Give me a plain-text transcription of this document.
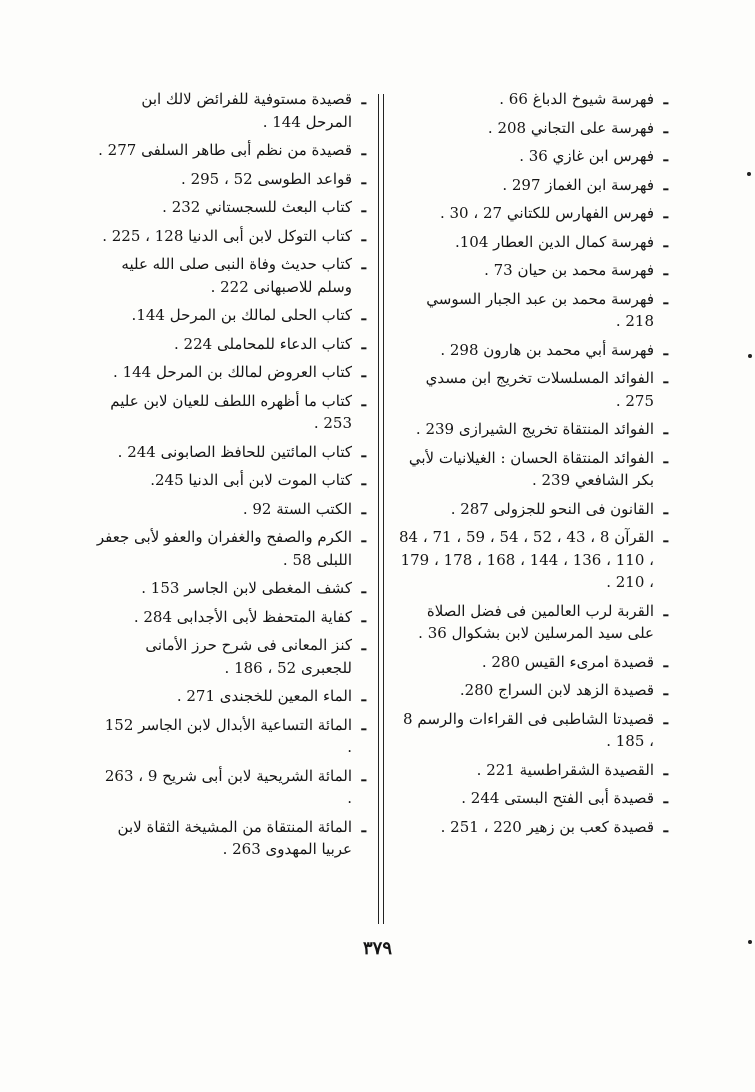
ـ
قصيدة مستوفية للفرائض لالك ابن المرحل 144 .
ـ
قصيدة من نظم أبى طاهر السلفى 277 .
ـ
قواعد الطوسى 52 ، 295 .
ـ
كتاب البعث للسجستاني 232 .
ـ
كتاب التوكل لابن أبى الدنيا 128 ، 225 .
ـ
كتاب حديث وفاة النبى صلى الله عليه وسلم للاصبهانى 222 .
ـ
كتاب الحلى لمالك بن المرحل 144.
ـ
كتاب الدعاء للمحاملى 224 .
ـ
كتاب العروض لمالك بن المرحل 144 .
ـ
كتاب ما أظهره اللطف للعيان لابن عليم 253 .
ـ
كتاب المائتين للحافظ الصابونى 244 .
ـ
كتاب الموت لابن أبى الدنيا 245.
ـ
الكتب الستة 92 .
ـ
الكرم والصفح والغفران والعفو لأبى جعفر اللبلى 58 .
ـ
كشف المغطى لابن الجاسر 153 .
ـ
كفاية المتحفظ لأبى الأجدابى 284 .
ـ
كنز المعانى فى شرح حرز الأمانى للجعبرى 52 ، 186 .
ـ
الماء المعين للخجندى 271 .
ـ
المائة التساعية الأبدال لابن الجاسر 152 .
ـ
المائة الشريحية لابن أبى شريح 9 ، 263 .
ـ
المائة المنتقاة من المشيخة الثقاة لابن عربيا المهدوى 263 .
ـ
فهرسة شيوخ الدباغ 66 .
ـ
فهرسة على التجاني 208 .
ـ
فهرس ابن غازي 36 .
ـ
فهرسة ابن الغماز 297 .
ـ
فهرس الفهارس للكتاني 27 ، 30 .
ـ
فهرسة كمال الدين العطار 104.
ـ
فهرسة محمد بن حيان 73 .
ـ
فهرسة محمد بن عبد الجبار السوسي 218 .
ـ
فهرسة أبي محمد بن هارون 298 .
ـ
الفوائد المسلسلات تخريج ابن مسدي 275 .
ـ
الفوائد المنتقاة تخريج الشيرازى 239 .
ـ
الفوائد المنتقاة الحسان : الغيلانيات لأبي بكر الشافعي 239 .
ـ
القانون فى النحو للجزولى 287 .
ـ
القرآن 8 ، 43 ، 52 ، 54 ، 59 ، 71 ، 84 ، 110 ، 136 ، 144 ، 168 ، 178 ، 179 ، 210 .
ـ
القربة لرب العالمين فى فضل الصلاة على سيد المرسلين لابن بشكوال 36 .
ـ
قصيدة امرىء القيس 280 .
ـ
قصيدة الزهد لابن السراج 280.
ـ
قصيدتا الشاطبى فى القراءات والرسم 8 ، 185 .
ـ
القصيدة الشقراطسية 221 .
ـ
قصيدة أبى الفتح البستى 244 .
ـ
قصيدة كعب بن زهير 220 ، 251 .
٣٧٩
